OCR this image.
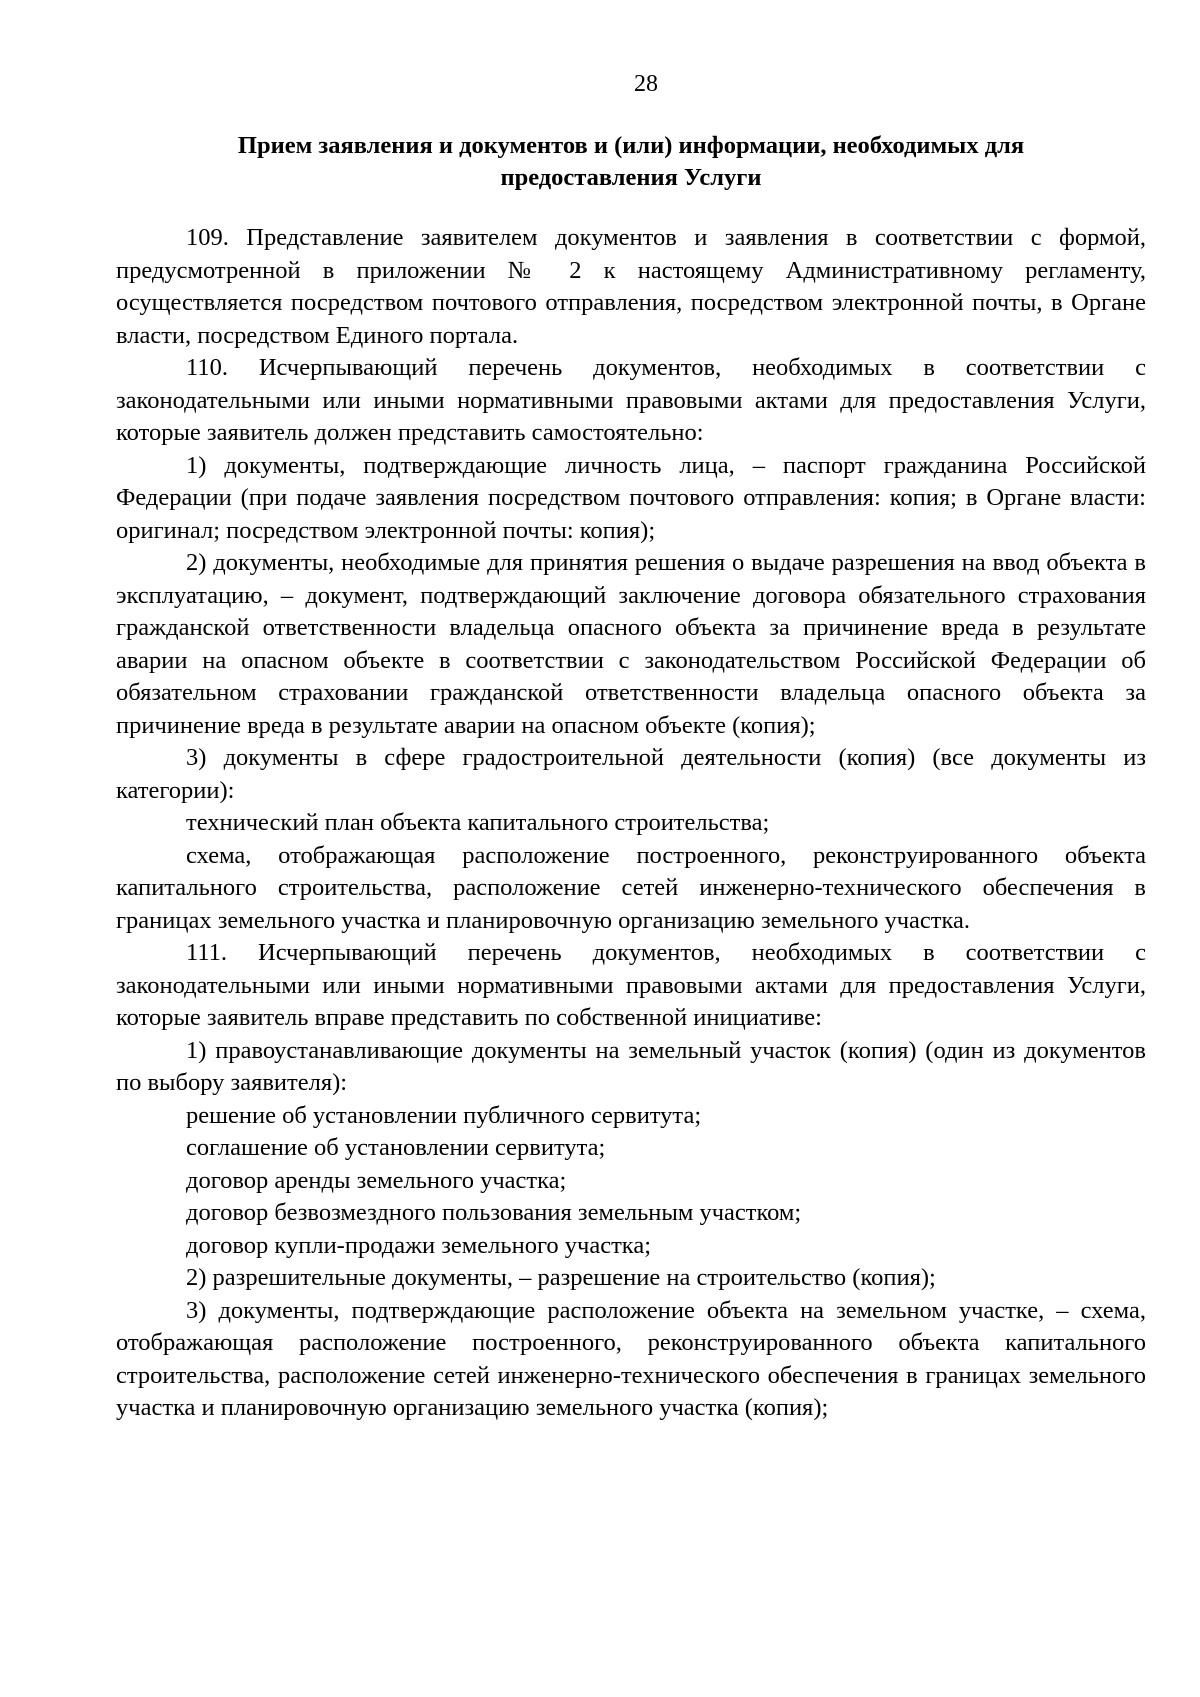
28
Прием заявления и документов и (или) информации, необходимых для
предоставления Услуги

109. Представление заявителем документов и заявления в соответствии с формой, предусмотренной в приложении № 2 к настоящему Административному регламенту, осуществляется посредством почтового отправления, посредством электронной почты, в Органе власти, посредством Единого портала.

110. Исчерпывающий перечень документов, необходимых в соответствии с законодательными или иными нормативными правовыми актами для предоставления Услуги, которые заявитель должен представить самостоятельно:

1) документы, подтверждающие личность лица, – паспорт гражданина Российской Федерации (при подаче заявления посредством почтового отправления: копия; в Органе власти: оригинал; посредством электронной почты: копия);

2) документы, необходимые для принятия решения о выдаче разрешения на ввод объекта в эксплуатацию, – документ, подтверждающий заключение договора обязательного страхования гражданской ответственности владельца опасного объекта за причинение вреда в результате аварии на опасном объекте в соответствии с законодательством Российской Федерации об обязательном страховании гражданской ответственности владельца опасного объекта за причинение вреда в результате аварии на опасном объекте (копия);

3) документы в сфере градостроительной деятельности (копия) (все документы из категории):

технический план объекта капитального строительства;

схема, отображающая расположение построенного, реконструированного объекта капитального строительства, расположение сетей инженерно-технического обеспечения в границах земельного участка и планировочную организацию земельного участка.

111. Исчерпывающий перечень документов, необходимых в соответствии с законодательными или иными нормативными правовыми актами для предоставления Услуги, которые заявитель вправе представить по собственной инициативе:

1) правоустанавливающие документы на земельный участок (копия) (один из документов по выбору заявителя):

решение об установлении публичного сервитута;

соглашение об установлении сервитута;

договор аренды земельного участка;

договор безвозмездного пользования земельным участком;

договор купли-продажи земельного участка;

2) разрешительные документы, – разрешение на строительство (копия);

3) документы, подтверждающие расположение объекта на земельном участке, – схема, отображающая расположение построенного, реконструированного объекта капитального строительства, расположение сетей инженерно-технического обеспечения в границах земельного участка и планировочную организацию земельного участка (копия);
